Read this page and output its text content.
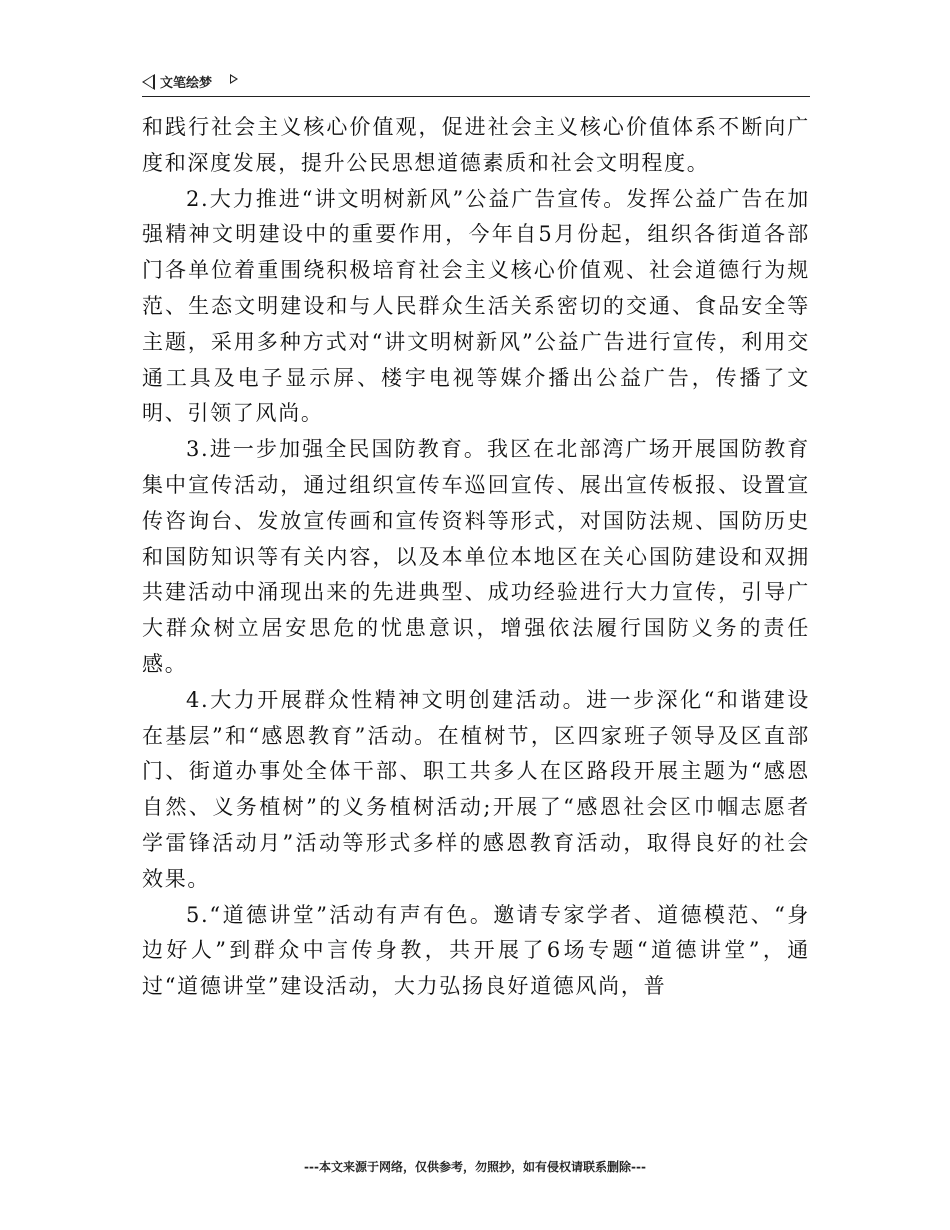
文笔绘梦

和践行社会主义核心价值观，促进社会主义核心价值体系不断向广度和深度发展，提升公民思想道德素质和社会文明程度。

2.大力推进“讲文明树新风”公益广告宣传。发挥公益广告在加强精神文明建设中的重要作用，今年自5月份起，组织各街道各部门各单位着重围绕积极培育社会主义核心价值观、社会道德行为规范、生态文明建设和与人民群众生活关系密切的交通、食品安全等主题，采用多种方式对“讲文明树新风”公益广告进行宣传，利用交通工具及电子显示屏、楼宇电视等媒介播出公益广告，传播了文明、引领了风尚。

3.进一步加强全民国防教育。我区在北部湾广场开展国防教育集中宣传活动，通过组织宣传车巡回宣传、展出宣传板报、设置宣传咨询台、发放宣传画和宣传资料等形式，对国防法规、国防历史和国防知识等有关内容，以及本单位本地区在关心国防建设和双拥共建活动中涌现出来的先进典型、成功经验进行大力宣传，引导广大群众树立居安思危的忧患意识，增强依法履行国防义务的责任感。

4.大力开展群众性精神文明创建活动。进一步深化“和谐建设在基层”和“感恩教育”活动。在植树节，区四家班子领导及区直部门、街道办事处全体干部、职工共多人在区路段开展主题为“感恩自然、义务植树”的义务植树活动;开展了“感恩社会区巾帼志愿者学雷锋活动月”活动等形式多样的感恩教育活动，取得良好的社会效果。

5.“道德讲堂”活动有声有色。邀请专家学者、道德模范、“身边好人”到群众中言传身教，共开展了6场专题“道德讲堂”，通过“道德讲堂”建设活动，大力弘扬良好道德风尚，普

---本文来源于网络，仅供参考，勿照抄，如有侵权请联系删除---
